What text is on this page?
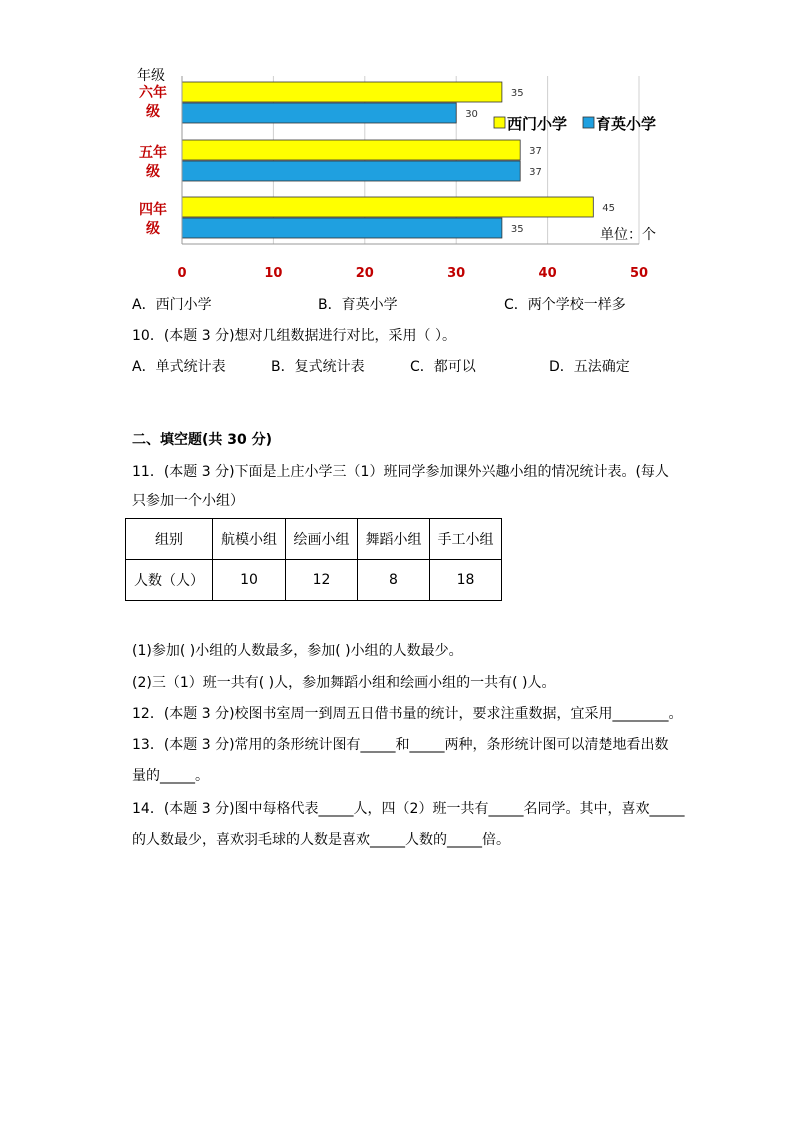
35
30
37
37
45
35
0	10	20	30	40	50
六年
级
五年
级
四年
级
年级
西门小学 育英小学
单位：个
A．西门小学	B．育英小学	C．两个学校一样多
10．(本题 3 分)想对几组数据进行对比，采用（ ）。
A．单式统计表	B．复式统计表	C．都可以	D．五法确定
二、填空题(共 30 分)
11．(本题 3 分)下面是上庄小学三（1）班同学参加课外兴趣小组的情况统计表。(每人
只参加一个小组）
组别	航模小组	绘画小组	舞蹈小组	手工小组
人数（人）	10	12	8	18
(1)参加( )小组的人数最多，参加( )小组的人数最少。
(2)三（1）班一共有( )人，参加舞蹈小组和绘画小组的一共有( )人。
12．(本题 3 分)校图书室周一到周五日借书量的统计，要求注重数据，宜采用________。
13．(本题 3 分)常用的条形统计图有_____和_____两种，条形统计图可以清楚地看出数
量的_____。
14．(本题 3 分)图中每格代表_____人，四（2）班一共有_____名同学。其中，喜欢_____
的人数最少，喜欢羽毛球的人数是喜欢_____人数的_____倍。
